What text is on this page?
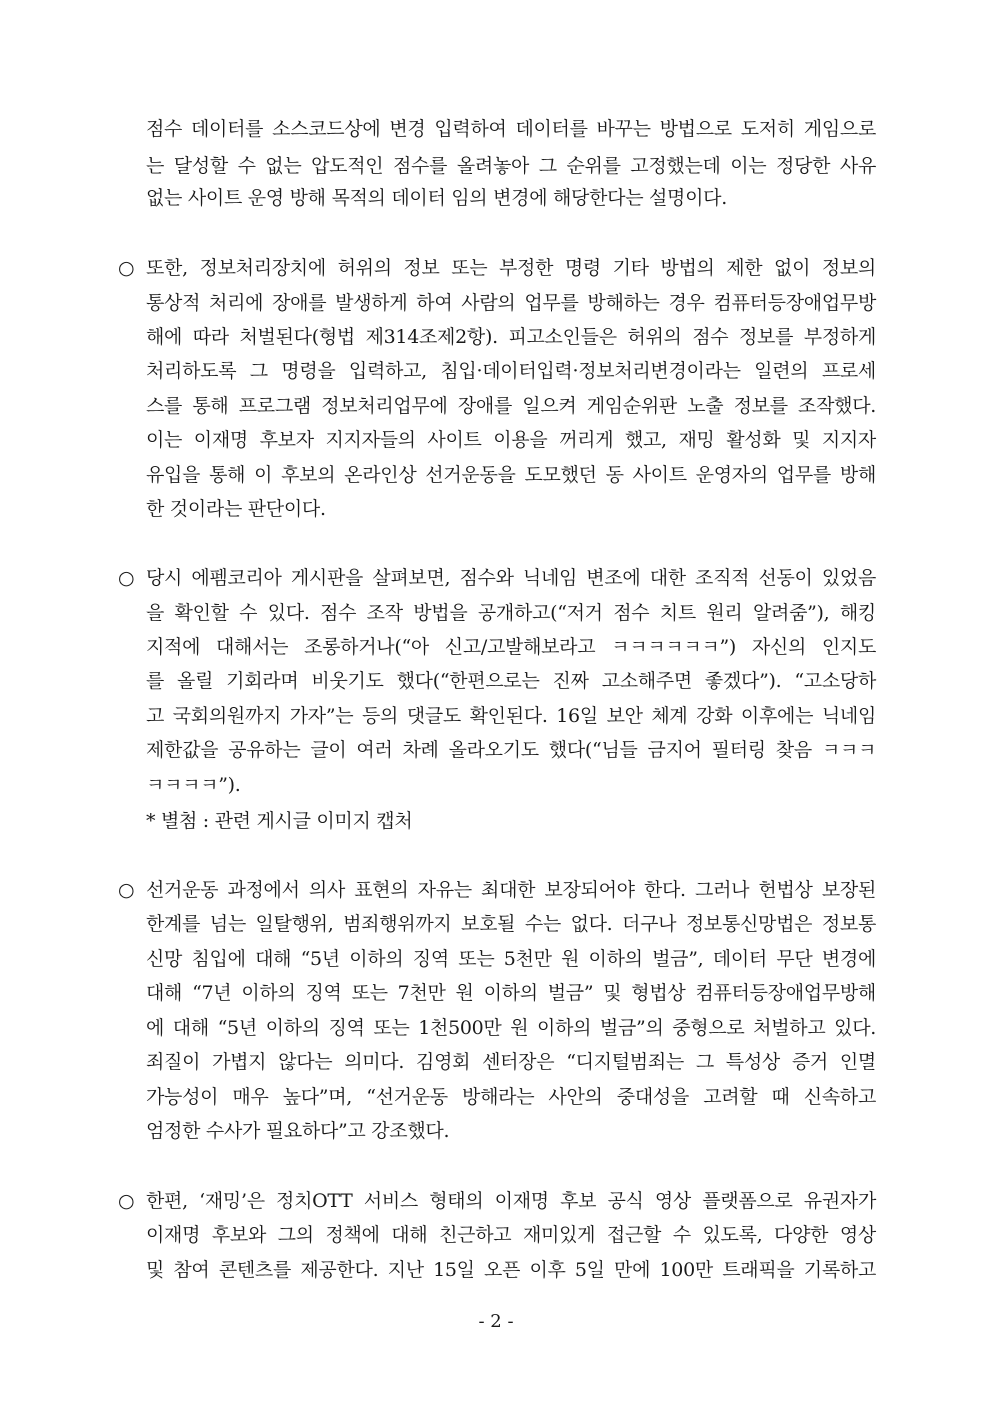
점수 데이터를 소스코드상에 변경 입력하여 데이터를 바꾸는 방법으로 도저히 게임으로
는 달성할 수 없는 압도적인 점수를 올려놓아 그 순위를 고정했는데 이는 정당한 사유
없는 사이트 운영 방해 목적의 데이터 임의 변경에 해당한다는 설명이다.
○ 또한, 정보처리장치에 허위의 정보 또는 부정한 명령 기타 방법의 제한 없이 정보의
통상적 처리에 장애를 발생하게 하여 사람의 업무를 방해하는 경우 컴퓨터등장애업무방
해에 따라 처벌된다(형법 제314조제2항). 피고소인들은 허위의 점수 정보를 부정하게
처리하도록 그 명령을 입력하고, 침입·데이터입력·정보처리변경이라는 일련의 프로세
스를 통해 프로그램 정보처리업무에 장애를 일으켜 게임순위판 노출 정보를 조작했다.
이는 이재명 후보자 지지자들의 사이트 이용을 꺼리게 했고, 재밍 활성화 및 지지자
유입을 통해 이 후보의 온라인상 선거운동을 도모했던 동 사이트 운영자의 업무를 방해
한 것이라는 판단이다.
○ 당시 에펨코리아 게시판을 살펴보면, 점수와 닉네임 변조에 대한 조직적 선동이 있었음
을 확인할 수 있다. 점수 조작 방법을 공개하고(“저거 점수 치트 원리 알려줌”), 해킹
지적에 대해서는 조롱하거나(“아 신고/고발해보라고 ㅋㅋㅋㅋㅋㅋ”) 자신의 인지도
를 올릴 기회라며 비웃기도 했다(“한편으로는 진짜 고소해주면 좋겠다”). “고소당하
고 국회의원까지 가자”는 등의 댓글도 확인된다. 16일 보안 체계 강화 이후에는 닉네임
제한값을 공유하는 글이 여러 차례 올라오기도 했다(“님들 금지어 필터링 찾음 ㅋㅋㅋ
ㅋㅋㅋㅋ”).
* 별첨 : 관련 게시글 이미지 캡처
○ 선거운동 과정에서 의사 표현의 자유는 최대한 보장되어야 한다. 그러나 헌법상 보장된
한계를 넘는 일탈행위, 범죄행위까지 보호될 수는 없다. 더구나 정보통신망법은 정보통
신망 침입에 대해 “5년 이하의 징역 또는 5천만 원 이하의 벌금”, 데이터 무단 변경에
대해 “7년 이하의 징역 또는 7천만 원 이하의 벌금” 및 형법상 컴퓨터등장애업무방해
에 대해 “5년 이하의 징역 또는 1천500만 원 이하의 벌금”의 중형으로 처벌하고 있다.
죄질이 가볍지 않다는 의미다. 김영회 센터장은 “디지털범죄는 그 특성상 증거 인멸
가능성이 매우 높다”며, “선거운동 방해라는 사안의 중대성을 고려할 때 신속하고
엄정한 수사가 필요하다”고 강조했다.
○ 한편, ‘재밍’은 정치OTT 서비스 형태의 이재명 후보 공식 영상 플랫폼으로 유권자가
이재명 후보와 그의 정책에 대해 친근하고 재미있게 접근할 수 있도록, 다양한 영상
및 참여 콘텐츠를 제공한다. 지난 15일 오픈 이후 5일 만에 100만 트래픽을 기록하고
- 2 -
